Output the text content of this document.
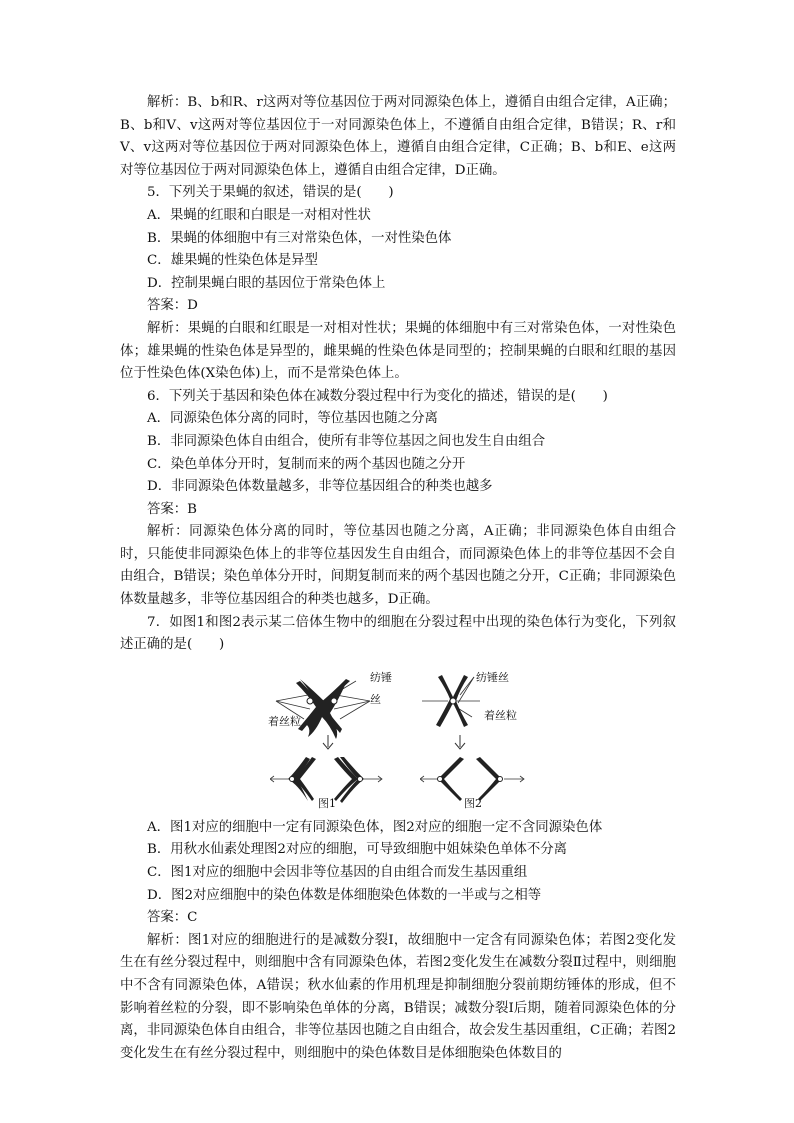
解析：B、b和R、r这两对等位基因位于两对同源染色体上，遵循自由组合定律，A正确；B、b和V、v这两对等位基因位于一对同源染色体上，不遵循自由组合定律，B错误；R、r和V、v这两对等位基因位于两对同源染色体上，遵循自由组合定律，C正确；B、b和E、e这两对等位基因位于两对同源染色体上，遵循自由组合定律，D正确。

5．下列关于果蝇的叙述，错误的是(　　)

A．果蝇的红眼和白眼是一对相对性状

B．果蝇的体细胞中有三对常染色体，一对性染色体

C．雄果蝇的性染色体是异型

D．控制果蝇白眼的基因位于常染色体上

答案：D

解析：果蝇的白眼和红眼是一对相对性状；果蝇的体细胞中有三对常染色体，一对性染色体；雄果蝇的性染色体是异型的，雌果蝇的性染色体是同型的；控制果蝇的白眼和红眼的基因位于性染色体(X染色体)上，而不是常染色体上。

6．下列关于基因和染色体在减数分裂过程中行为变化的描述，错误的是(　　)

A．同源染色体分离的同时，等位基因也随之分离

B．非同源染色体自由组合，使所有非等位基因之间也发生自由组合

C．染色单体分开时，复制而来的两个基因也随之分开

D．非同源染色体数量越多，非等位基因组合的种类也越多

答案：B

解析：同源染色体分离的同时，等位基因也随之分离，A正确；非同源染色体自由组合时，只能使非同源染色体上的非等位基因发生自由组合，而同源染色体上的非等位基因不会自由组合，B错误；染色单体分开时，间期复制而来的两个基因也随之分开，C正确；非同源染色体数量越多，非等位基因组合的种类也越多，D正确。

7．如图1和图2表示某二倍体生物中的细胞在分裂过程中出现的染色体行为变化，下列叙述正确的是(　　)

纺锤丝
着丝粒
图1
纺锤丝
着丝粒
图2

A．图1对应的细胞中一定有同源染色体，图2对应的细胞一定不含同源染色体

B．用秋水仙素处理图2对应的细胞，可导致细胞中姐妹染色单体不分离

C．图1对应的细胞中会因非等位基因的自由组合而发生基因重组

D．图2对应细胞中的染色体数是体细胞染色体数的一半或与之相等

答案：C

解析：图1对应的细胞进行的是减数分裂Ⅰ，故细胞中一定含有同源染色体；若图2变化发生在有丝分裂过程中，则细胞中含有同源染色体，若图2变化发生在减数分裂Ⅱ过程中，则细胞中不含有同源染色体，A错误；秋水仙素的作用机理是抑制细胞分裂前期纺锤体的形成，但不影响着丝粒的分裂，即不影响染色单体的分离，B错误；减数分裂Ⅰ后期，随着同源染色体的分离，非同源染色体自由组合，非等位基因也随之自由组合，故会发生基因重组，C正确；若图2变化发生在有丝分裂过程中，则细胞中的染色体数目是体细胞染色体数目的
